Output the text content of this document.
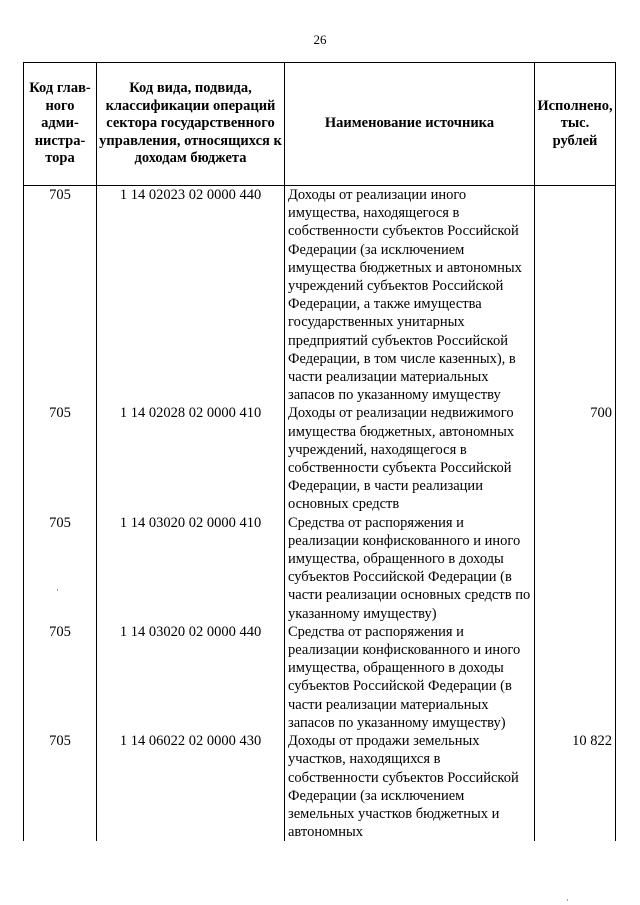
26
Код глав-ного адми-нистра-тора	Код вида, подвида, классификации операций сектора государственного управления, относящихся к доходам бюджета	Наименование источника	Исполнено, тыс. рублей
705	1 14 02023 02 0000 440	Доходы от реализации иного имущества, находящегося в собственности субъектов Российской Федерации (за исключением имущества бюджетных и автономных учреждений субъектов Российской Федерации, а также имущества государственных унитарных предприятий субъектов Российской Федерации, в том числе казенных), в части реализации материальных запасов по указанному имуществу	
705	1 14 02028 02 0000 410	Доходы от реализации недвижимого имущества бюджетных, автономных учреждений, находящегося в собственности субъекта Российской Федерации, в части реализации основных средств	700
705	1 14 03020 02 0000 410	Средства от распоряжения и реализации конфискованного и иного имущества, обращенного в доходы субъектов Российской Федерации (в части реализации основных средств по указанному имуществу)	
705	1 14 03020 02 0000 440	Средства от распоряжения и реализации конфискованного и иного имущества, обращенного в доходы субъектов Российской Федерации (в части реализации материальных запасов по указанному имуществу)	
705	1 14 06022 02 0000 430	Доходы от продажи земельных участков, находящихся в собственности субъектов Российской Федерации (за исключением земельных участков бюджетных и автономных	10 822
·
·
